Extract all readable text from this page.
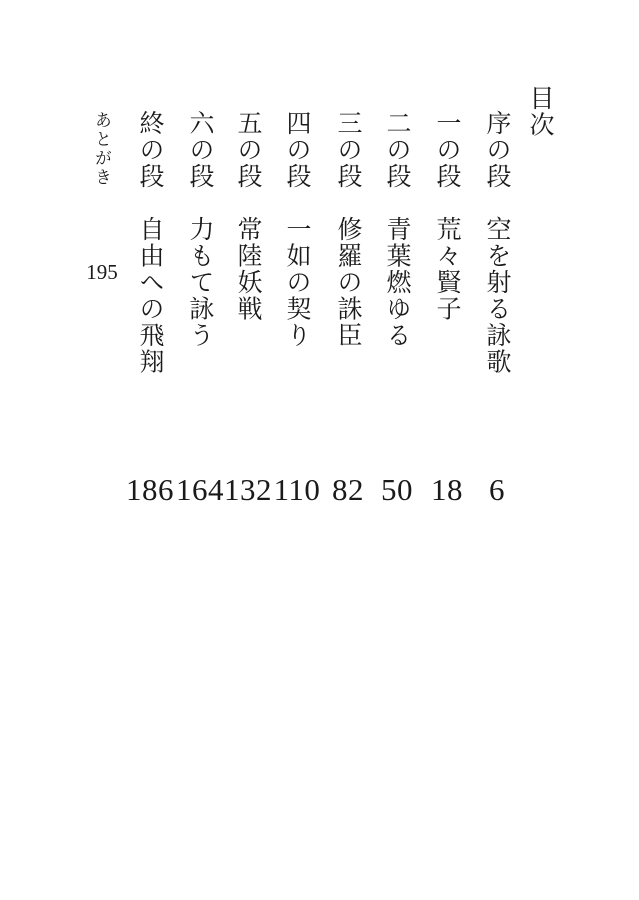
目次
序の段空を射る詠歌
一の段荒々賢子
二の段青葉燃ゆる
三の段修羅の誅臣
四の段一如の契り
五の段常陸妖戦
六の段力もて詠う
終の段自由への飛翔
あとがき
195
6
18
50
82
110
132
164
186
